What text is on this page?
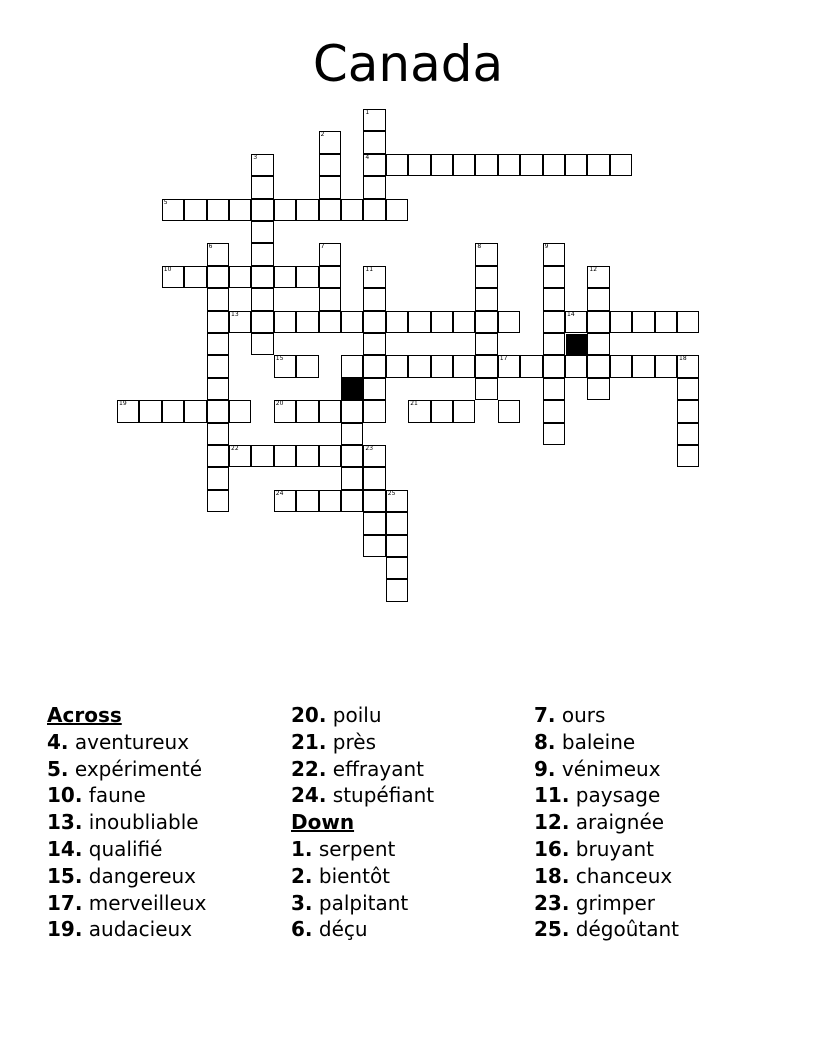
Canada
1
4
2
3
5
6	7	8	9
10	11	12
13	14
15	17	18
19	20	21
22	23
24	25
Across
4. aventureux
5. expérimenté
10. faune
13. inoubliable
14. qualifié
15. dangereux
17. merveilleux
19. audacieux
20. poilu
21. près
22. effrayant
24. stupéfiant
Down
1. serpent
2. bientôt
3. palpitant
6. déçu
7. ours
8. baleine
9. vénimeux
11. paysage
12. araignée
16. bruyant
18. chanceux
23. grimper
25. dégoûtant
